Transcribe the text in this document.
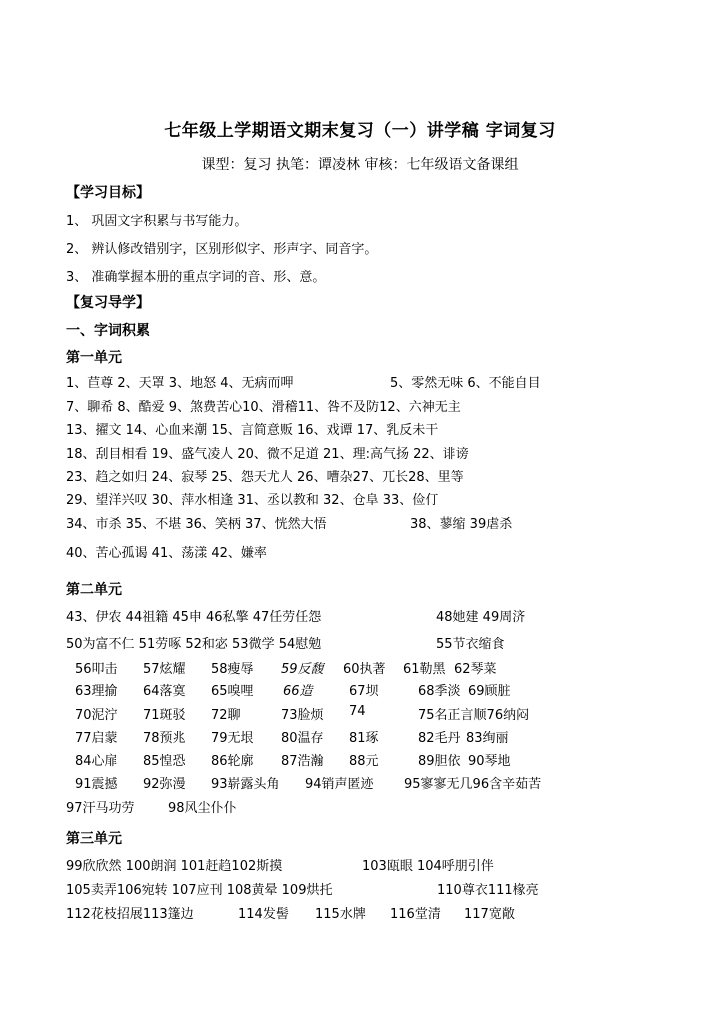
七年级上学期语文期末复习（一）讲学稿 字词复习
课型：复习 执笔：谭凌林 审核：七年级语文备课组
【学习目标】
1、 巩固文字积累与书写能力。
2、 辨认修改错别字，区别形似字、形声字、同音字。
3、 准确掌握本册的重点字词的音、形、意。
【复习导学】
一、字词积累
第一单元
1、苣尊 2、天罩 3、地怒 4、无病而呷	5、零然无味 6、不能自目
7、聊希 8、酷爱 9、煞费苦心10、滑稽11、咎不及防12、六神无主
13、擢文 14、心血来潮 15、言简意贩 16、戏谭 17、乳反未干
18、刮目相看 19、盛气凌人 20、微不足道 21、理:高气扬 22、诽谤
23、趋之如归 24、寂琴 25、怨天尤人 26、嘈杂27、兀长28、里等
29、望洋兴叹 30、萍水相逢 31、丞以教和 32、仓阜 33、俭仃
34、市杀 35、不堪 36、笑柄 37、恍然大悟	38、蓼缩 39虐杀
40、苦心孤谒 41、荡漾 42、嫌率
第二单元
43、伊农 44祖籍 45申 46私擎 47任劳任怨	48她建 49周济
50为富不仁 51劳啄 52和宓 53微学 54慰勉	55节衣缩食
56叩击 57炫耀 58瘦辱 59反馥 60执著 61勒黑 62琴菜
63理揄 64落寞 65嗅哩 66造	67坝	68季淡 69顾脏
70泥泞 71斑驳 72聊	73脸烦 74	75名正言顺76纳闷
77启蒙 78预兆 79无垠 80温存 81琢	82毛丹 83绚丽
84心扉 85惶恐 86轮廓 87浩瀚 88元	89胆依 90琴地
91震撼 92弥漫 93崭露头角 94销声匿迹 95寥寥无几96含辛茹苦
97汗马功劳	98风尘仆仆
第三单元
99欣欣然 100朗润 101赶趋102斯摸	103瓯眼 104呼朋引伴
105卖弄106宛转 107应刊 108黄晕 109烘托	110尊衣111椽亮
112花枝招展113篷边	114发髻 115水牌 116堂清 117宽敞
